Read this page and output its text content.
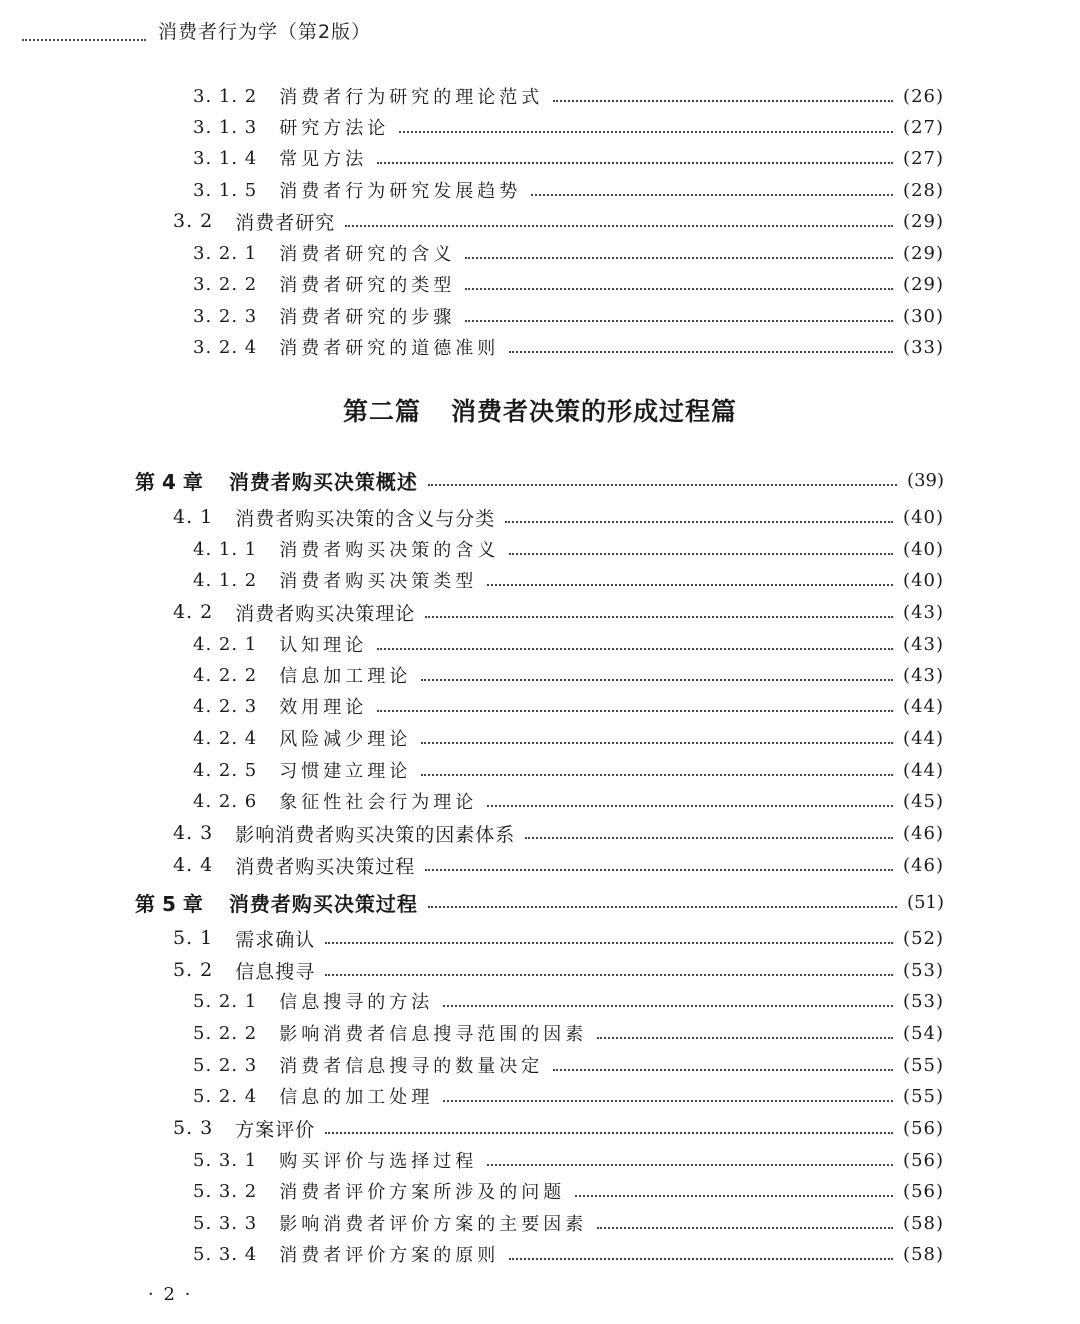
消费者行为学（第2版）
3. 1. 2 消费者行为研究的理论范式	(26)
3. 1. 3 研究方法论	(27)
3. 1. 4 常见方法	(27)
3. 1. 5 消费者行为研究发展趋势	(28)
3. 2 消费者研究	(29)
3. 2. 1 消费者研究的含义	(29)
3. 2. 2 消费者研究的类型	(29)
3. 2. 3 消费者研究的步骤	(30)
3. 2. 4 消费者研究的道德准则	(33)
第二篇 消费者决策的形成过程篇
第 4 章 消费者购买决策概述	(39)
4. 1 消费者购买决策的含义与分类	(40)
4. 1. 1 消费者购买决策的含义	(40)
4. 1. 2 消费者购买决策类型	(40)
4. 2 消费者购买决策理论	(43)
4. 2. 1 认知理论	(43)
4. 2. 2 信息加工理论	(43)
4. 2. 3 效用理论	(44)
4. 2. 4 风险减少理论	(44)
4. 2. 5 习惯建立理论	(44)
4. 2. 6 象征性社会行为理论	(45)
4. 3 影响消费者购买决策的因素体系	(46)
4. 4 消费者购买决策过程	(46)
第 5 章 消费者购买决策过程	(51)
5. 1 需求确认	(52)
5. 2 信息搜寻	(53)
5. 2. 1 信息搜寻的方法	(53)
5. 2. 2 影响消费者信息搜寻范围的因素	(54)
5. 2. 3 消费者信息搜寻的数量决定	(55)
5. 2. 4 信息的加工处理	(55)
5. 3 方案评价	(56)
5. 3. 1 购买评价与选择过程	(56)
5. 3. 2 消费者评价方案所涉及的问题	(56)
5. 3. 3 影响消费者评价方案的主要因素	(58)
5. 3. 4 消费者评价方案的原则	(58)
· 2 ·
